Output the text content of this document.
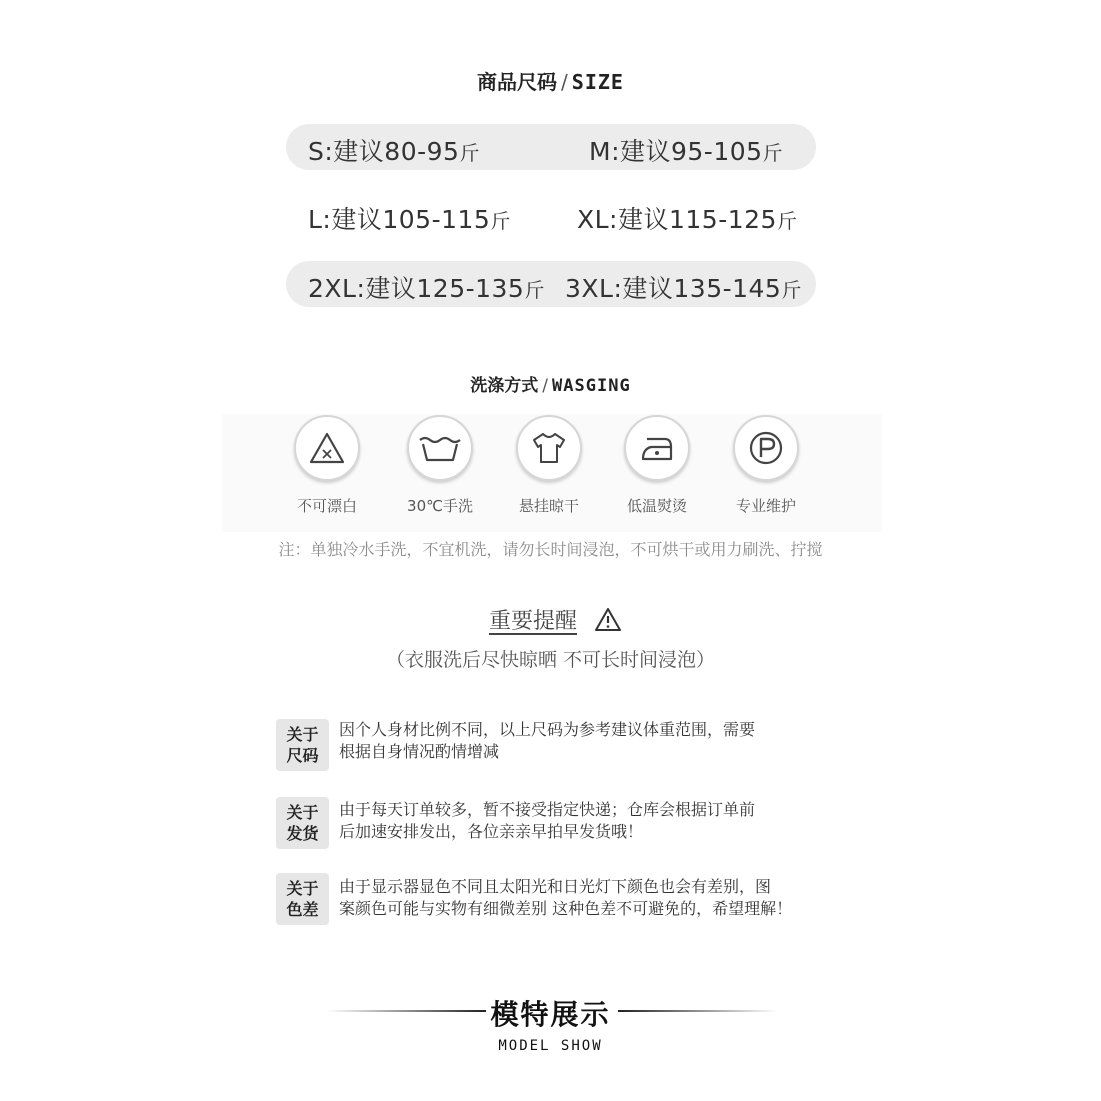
商品尺码 / SIZE
S:建议80-95斤	M:建议95-105斤
L:建议105-115斤	XL:建议115-125斤
2XL:建议125-135斤 3XL:建议135-145斤
洗涤方式 / WASGING
不可漂白	30℃手洗	悬挂晾干	低温熨烫	专业维护
注：单独冷水手洗，不宜机洗，请勿长时间浸泡，不可烘干或用力刷洗、拧搅
重要提醒
（衣服洗后尽快晾晒 不可长时间浸泡）
关于
尺码
因个人身材比例不同，以上尺码为参考建议体重范围，需要
根据自身情况酌情增减
关于
发货
由于每天订单较多，暂不接受指定快递；仓库会根据订单前
后加速安排发出，各位亲亲早拍早发货哦！
关于
色差
由于显示器显色不同且太阳光和日光灯下颜色也会有差别，图
案颜色可能与实物有细微差别 这种色差不可避免的，希望理解！
模特展示
MODEL SHOW
